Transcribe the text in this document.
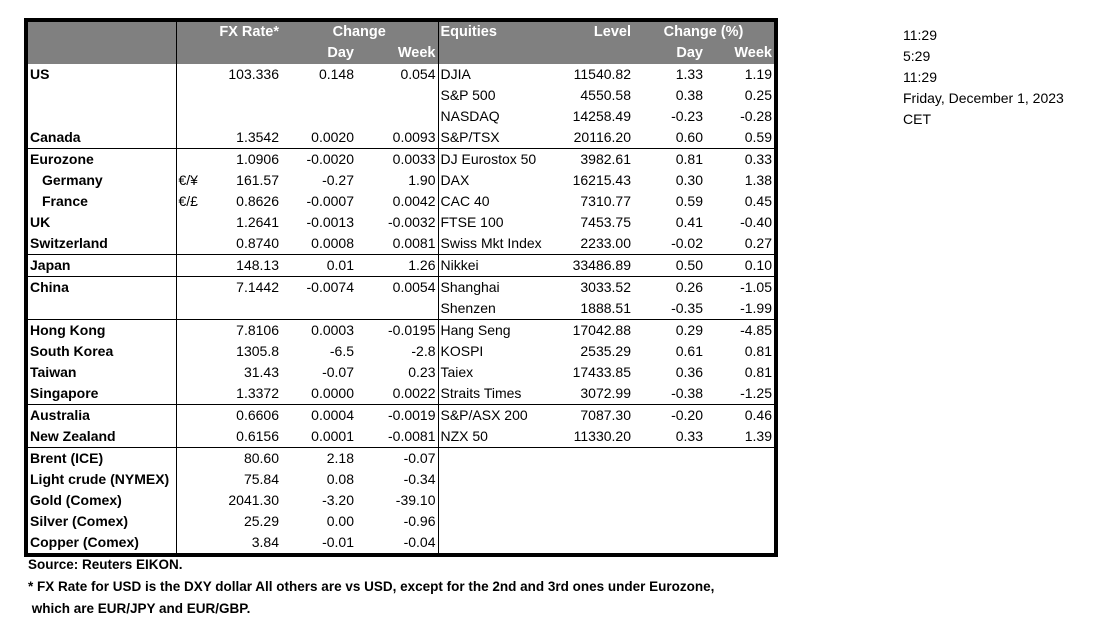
		FX Rate*	Change		Equities	Level	Change (%)	
			Day	Week			Day	Week
US		103.336	0.148	0.054	DJIA	11540.82	1.33	1.19
					S&P 500	4550.58	0.38	0.25
					NASDAQ	14258.49	-0.23	-0.28
Canada		1.3542	0.0020	0.0093	S&P/TSX	20116.20	0.60	0.59
Eurozone		1.0906	-0.0020	0.0033	DJ Eurostox 50	3982.61	0.81	0.33
Germany	€/¥	161.57	-0.27	1.90	DAX	16215.43	0.30	1.38
France	€/£	0.8626	-0.0007	0.0042	CAC 40	7310.77	0.59	0.45
UK		1.2641	-0.0013	-0.0032	FTSE 100	7453.75	0.41	-0.40
Switzerland		0.8740	0.0008	0.0081	Swiss Mkt Index	2233.00	-0.02	0.27
Japan		148.13	0.01	1.26	Nikkei	33486.89	0.50	0.10
China		7.1442	-0.0074	0.0054	Shanghai	3033.52	0.26	-1.05
					Shenzen	1888.51	-0.35	-1.99
Hong Kong		7.8106	0.0003	-0.0195	Hang Seng	17042.88	0.29	-4.85
South Korea		1305.8	-6.5	-2.8	KOSPI	2535.29	0.61	0.81
Taiwan		31.43	-0.07	0.23	Taiex	17433.85	0.36	0.81
Singapore		1.3372	0.0000	0.0022	Straits Times	3072.99	-0.38	-1.25
Australia		0.6606	0.0004	-0.0019	S&P/ASX 200	7087.30	-0.20	0.46
New Zealand		0.6156	0.0001	-0.0081	NZX 50	11330.20	0.33	1.39
Brent (ICE)		80.60	2.18	-0.07				
Light crude (NYMEX)		75.84	0.08	-0.34				
Gold (Comex)		2041.30	-3.20	-39.10				
Silver (Comex)		25.29	0.00	-0.96				
Copper (Comex)		3.84	-0.01	-0.04				
11:29
5:29
11:29
Friday, December 1, 2023
CET
Source: Reuters EIKON.
* FX Rate for USD is the DXY dollar All others are vs USD, except for the 2nd and 3rd ones under Eurozone,
which are EUR/JPY and EUR/GBP.
